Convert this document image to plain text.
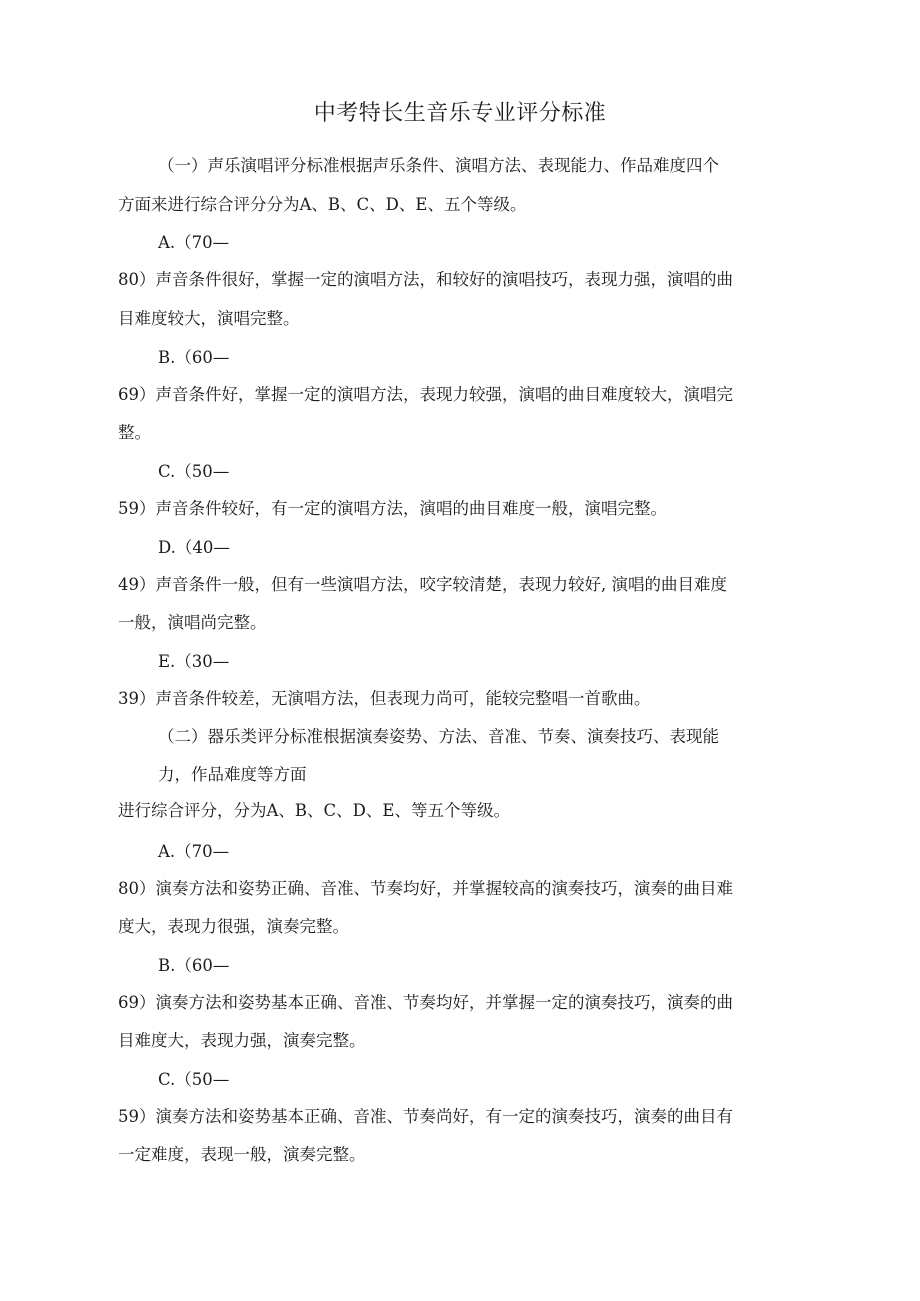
中考特长生音乐专业评分标准
（一）声乐演唱评分标准根据声乐条件、演唱方法、表现能力、作品难度四个
方面来进行综合评分分为A、B、C、D、E、五个等级。
A.（70—
80）声音条件很好，掌握一定的演唱方法，和较好的演唱技巧，表现力强，演唱的曲
目难度较大，演唱完整。
B.（60—
69）声音条件好，掌握一定的演唱方法，表现力较强，演唱的曲目难度较大，演唱完
整。
C.（50—
59）声音条件较好，有一定的演唱方法，演唱的曲目难度一般，演唱完整。
D.（40—
49）声音条件一般，但有一些演唱方法，咬字较清楚，表现力较好, 演唱的曲目难度
一般，演唱尚完整。
E.（30—
39）声音条件较差，无演唱方法，但表现力尚可，能较完整唱一首歌曲。
（二）器乐类评分标准根据演奏姿势、方法、音准、节奏、演奏技巧、表现能
力，作品难度等方面
进行综合评分，分为A、B、C、D、E、等五个等级。
A.（70—
80）演奏方法和姿势正确、音准、节奏均好，并掌握较高的演奏技巧，演奏的曲目难
度大，表现力很强，演奏完整。
B.（60—
69）演奏方法和姿势基本正确、音准、节奏均好，并掌握一定的演奏技巧，演奏的曲
目难度大，表现力强，演奏完整。
C.（50—
59）演奏方法和姿势基本正确、音准、节奏尚好，有一定的演奏技巧，演奏的曲目有
一定难度，表现一般，演奏完整。
